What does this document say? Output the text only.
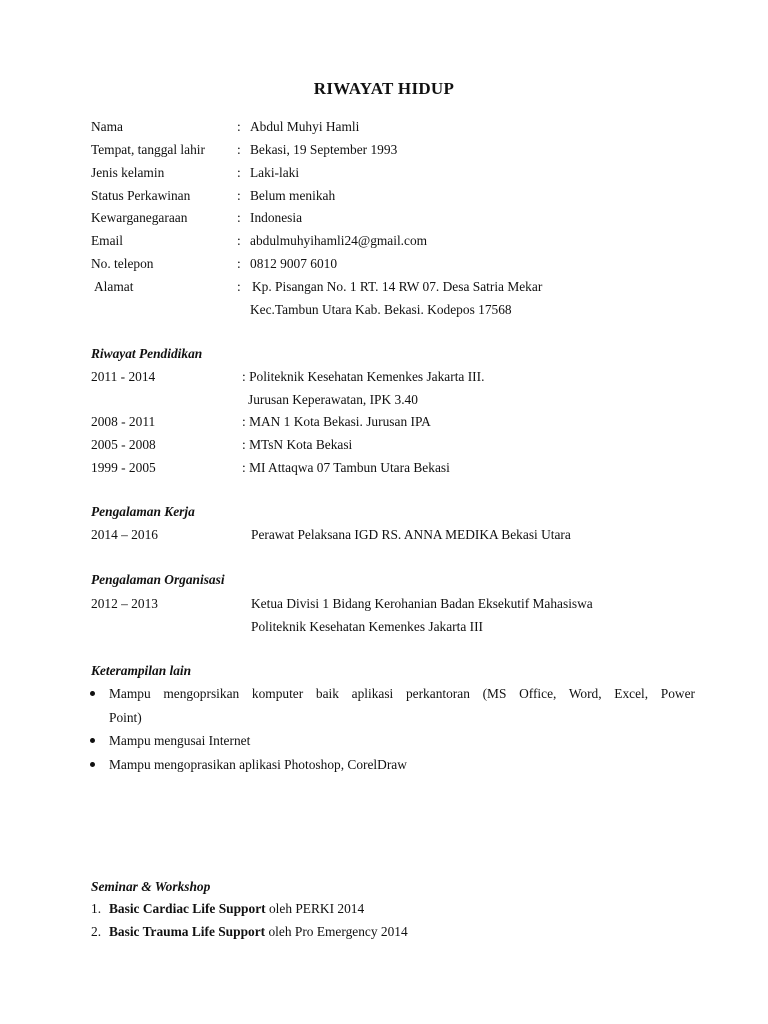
RIWAYAT HIDUP
Nama	: Abdul Muhyi Hamli
Tempat, tanggal lahir : Bekasi, 19 September 1993
Jenis kelamin	: Laki-laki
Status Perkawinan	: Belum menikah
Kewarganegaraan	: Indonesia
Email	: abdulmuhyihamli24@gmail.com
No. telepon	: 0812 9007 6010
Alamat	: Kp. Pisangan No. 1 RT. 14 RW 07. Desa Satria Mekar
Kec.Tambun Utara Kab. Bekasi. Kodepos 17568
Riwayat Pendidikan
2011 - 2014	: Politeknik Kesehatan Kemenkes Jakarta III.
Jurusan Keperawatan, IPK 3.40
2008 - 2011	: MAN 1 Kota Bekasi. Jurusan IPA
2005 - 2008	: MTsN Kota Bekasi
1999 - 2005	: MI Attaqwa 07 Tambun Utara Bekasi
Pengalaman Kerja
2014 – 2016	Perawat Pelaksana IGD RS. ANNA MEDIKA Bekasi Utara
Pengalaman Organisasi
2012 – 2013	Ketua Divisi 1 Bidang Kerohanian Badan Eksekutif Mahasiswa
Politeknik Kesehatan Kemenkes Jakarta III
Keterampilan lain
Mampu mengoprsikan komputer baik aplikasi perkantoran (MS Office, Word, Excel, Power
Point)
Mampu mengusai Internet
Mampu mengoprasikan aplikasi Photoshop, CorelDraw
Seminar & Workshop
1. Basic Cardiac Life Support oleh PERKI 2014
2. Basic Trauma Life Support oleh Pro Emergency 2014
